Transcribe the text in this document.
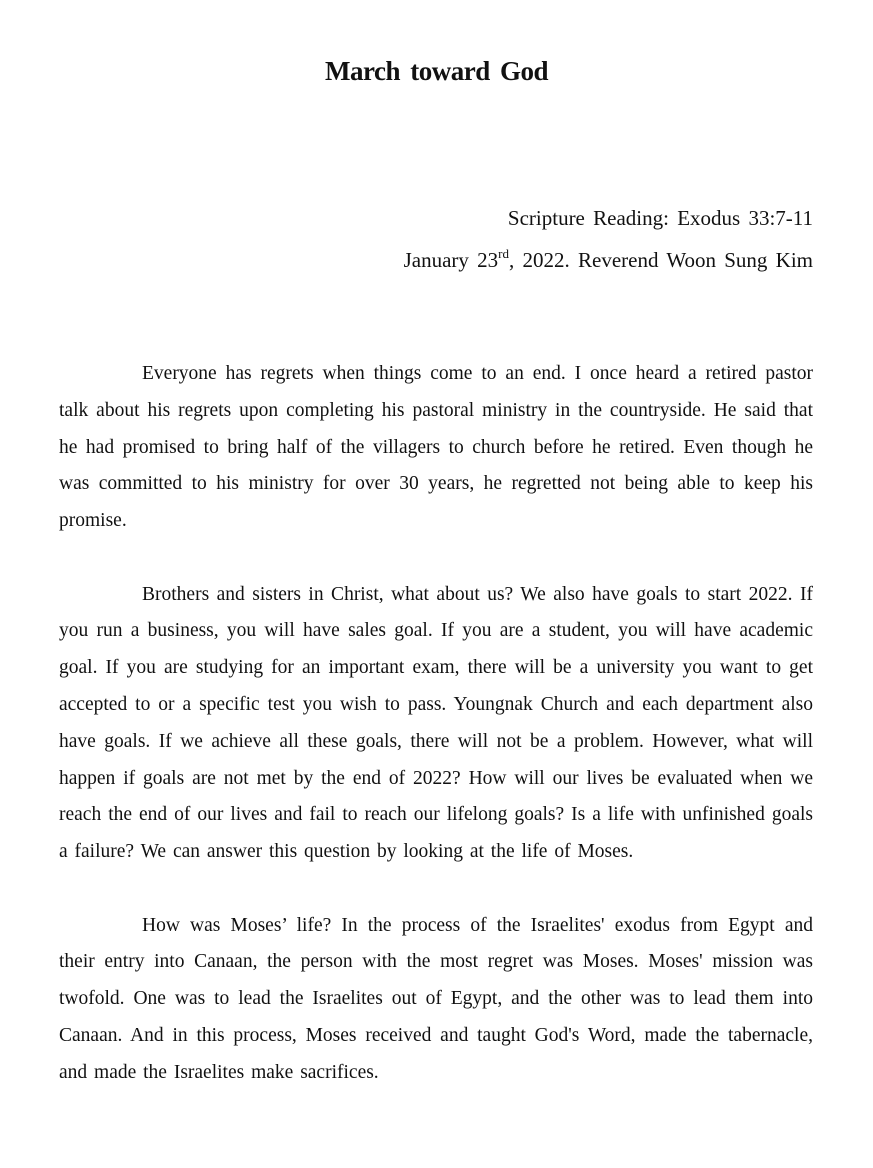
March toward God

Scripture Reading: Exodus 33:7-11

January 23rd, 2022. Reverend Woon Sung Kim

Everyone has regrets when things come to an end. I once heard a retired pastor talk about his regrets upon completing his pastoral ministry in the countryside. He said that he had promised to bring half of the villagers to church before he retired. Even though he was committed to his ministry for over 30 years, he regretted not being able to keep his promise.

Brothers and sisters in Christ, what about us? We also have goals to start 2022. If you run a business, you will have sales goal. If you are a student, you will have academic goal. If you are studying for an important exam, there will be a university you want to get accepted to or a specific test you wish to pass. Youngnak Church and each department also have goals. If we achieve all these goals, there will not be a problem. However, what will happen if goals are not met by the end of 2022? How will our lives be evaluated when we reach the end of our lives and fail to reach our lifelong goals? Is a life with unfinished goals a failure? We can answer this question by looking at the life of Moses.

How was Moses’ life? In the process of the Israelites' exodus from Egypt and their entry into Canaan, the person with the most regret was Moses. Moses' mission was twofold. One was to lead the Israelites out of Egypt, and the other was to lead them into Canaan. And in this process, Moses received and taught God's Word, made the tabernacle, and made the Israelites make sacrifices.
